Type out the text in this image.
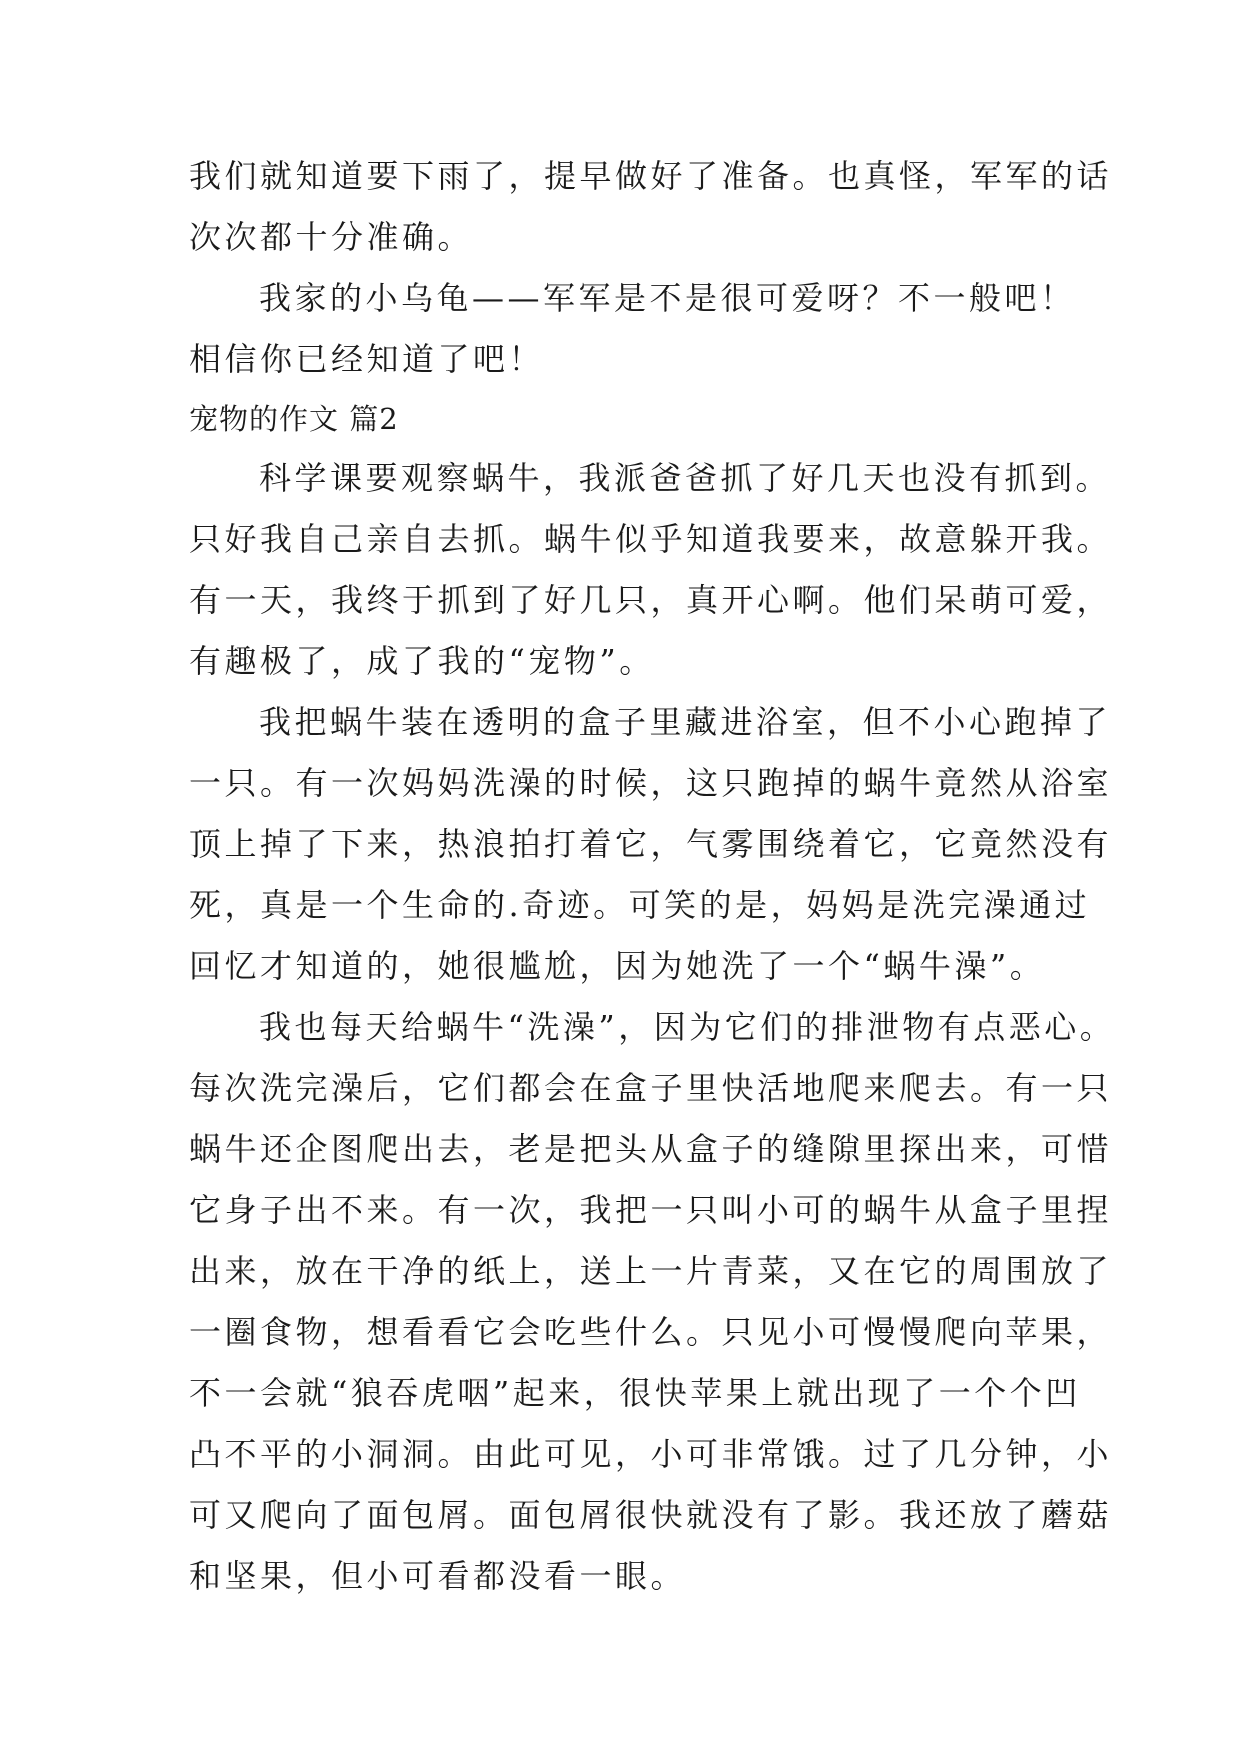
我们就知道要下雨了，提早做好了准备。也真怪，军军的话
次次都十分准确。
我家的小乌龟——军军是不是很可爱呀？不一般吧！
相信你已经知道了吧！
宠物的作文 篇2
科学课要观察蜗牛，我派爸爸抓了好几天也没有抓到。
只好我自己亲自去抓。蜗牛似乎知道我要来，故意躲开我。
有一天，我终于抓到了好几只，真开心啊。他们呆萌可爱，
有趣极了，成了我的“宠物”。
我把蜗牛装在透明的盒子里藏进浴室，但不小心跑掉了
一只。有一次妈妈洗澡的时候，这只跑掉的蜗牛竟然从浴室
顶上掉了下来，热浪拍打着它，气雾围绕着它，它竟然没有
死，真是一个生命的.奇迹。可笑的是，妈妈是洗完澡通过
回忆才知道的，她很尴尬，因为她洗了一个“蜗牛澡”。
我也每天给蜗牛“洗澡”，因为它们的排泄物有点恶心。
每次洗完澡后，它们都会在盒子里快活地爬来爬去。有一只
蜗牛还企图爬出去，老是把头从盒子的缝隙里探出来，可惜
它身子出不来。有一次，我把一只叫小可的蜗牛从盒子里捏
出来，放在干净的纸上，送上一片青菜，又在它的周围放了
一圈食物，想看看它会吃些什么。只见小可慢慢爬向苹果，
不一会就“狼吞虎咽”起来，很快苹果上就出现了一个个凹
凸不平的小洞洞。由此可见，小可非常饿。过了几分钟，小
可又爬向了面包屑。面包屑很快就没有了影。我还放了蘑菇
和坚果，但小可看都没看一眼。
